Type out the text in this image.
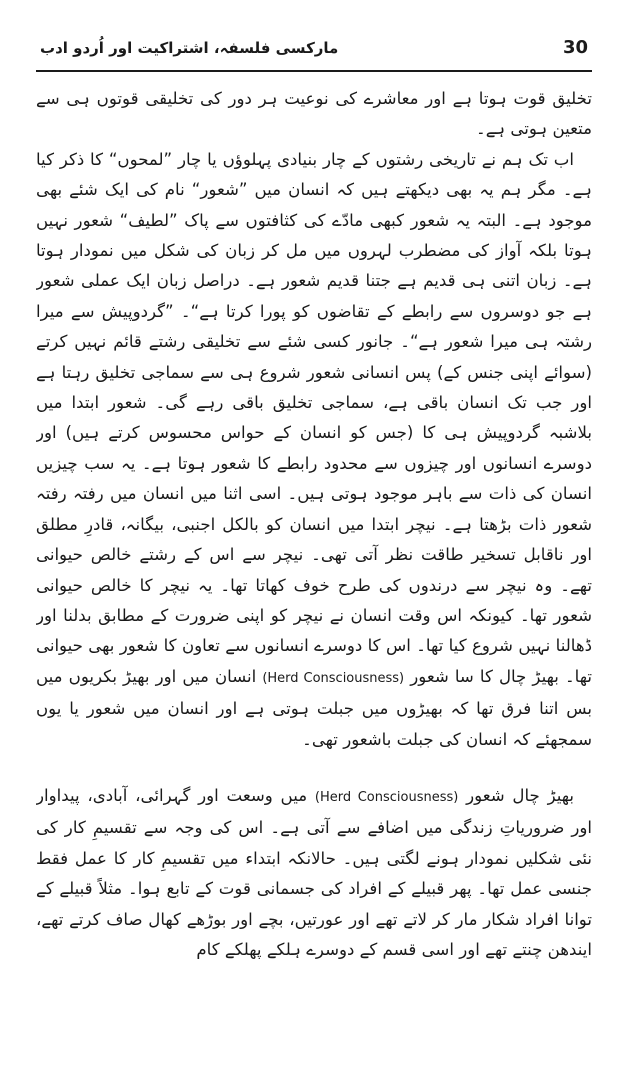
30
مارکسی فلسفہ، اشتراکیت اور اُردو ادب

تخلیق قوت ہوتا ہے اور معاشرے کی نوعیت ہر دور کی تخلیقی قوتوں ہی سے متعین ہوتی ہے۔

اب تک ہم نے تاریخی رشتوں کے چار بنیادی پہلوؤں یا چار ”لمحوں“ کا ذکر کیا ہے۔ مگر ہم یہ بھی دیکھتے ہیں کہ انسان میں ”شعور“ نام کی ایک شئے بھی موجود ہے۔ البتہ یہ شعور کبھی مادّے کی کثافتوں سے پاک ”لطیف“ شعور نہیں ہوتا بلکہ آواز کی مضطرب لہروں میں مل کر زبان کی شکل میں نمودار ہوتا ہے۔ زبان اتنی ہی قدیم ہے جتنا قدیم شعور ہے۔ دراصل زبان ایک عملی شعور ہے جو دوسروں سے رابطے کے تقاضوں کو پورا کرتا ہے“۔ ”گردوپیش سے میرا رشتہ ہی میرا شعور ہے“۔ جانور کسی شئے سے تخلیقی رشتے قائم نہیں کرتے (سوائے اپنی جنس کے) پس انسانی شعور شروع ہی سے سماجی تخلیق رہتا ہے اور جب تک انسان باقی ہے، سماجی تخلیق باقی رہے گی۔ شعور ابتدا میں بلاشبہ گردوپیش ہی کا (جس کو انسان کے حواس محسوس کرتے ہیں) اور دوسرے انسانوں اور چیزوں سے محدود رابطے کا شعور ہوتا ہے۔ یہ سب چیزیں انسان کی ذات سے باہر موجود ہوتی ہیں۔ اسی اثنا میں انسان میں رفتہ رفتہ شعور ذات بڑھتا ہے۔ نیچر ابتدا میں انسان کو بالکل اجنبی، بیگانہ، قادرِ مطلق اور ناقابل تسخیر طاقت نظر آتی تھی۔ نیچر سے اس کے رشتے خالص حیوانی تھے۔ وہ نیچر سے درندوں کی طرح خوف کھاتا تھا۔ یہ نیچر کا خالص حیوانی شعور تھا۔ کیونکہ اس وقت انسان نے نیچر کو اپنی ضرورت کے مطابق بدلنا اور ڈھالنا نہیں شروع کیا تھا۔ اس کا دوسرے انسانوں سے تعاون کا شعور بھی حیوانی تھا۔ بھیڑ چال کا سا شعور (Herd Consciousness) انسان میں اور بھیڑ بکریوں میں بس اتنا فرق تھا کہ بھیڑوں میں جبلت ہوتی ہے اور انسان میں شعور یا یوں سمجھئے کہ انسان کی جبلت باشعور تھی۔

بھیڑ چال شعور (Herd Consciousness) میں وسعت اور گہرائی، آبادی، پیداوار اور ضروریاتِ زندگی میں اضافے سے آتی ہے۔ اس کی وجہ سے تقسیمِ کار کی نئی شکلیں نمودار ہونے لگتی ہیں۔ حالانکہ ابتداء میں تقسیمِ کار کا عمل فقط جنسی عمل تھا۔ پھر قبیلے کے افراد کی جسمانی قوت کے تابع ہوا۔ مثلاً قبیلے کے توانا افراد شکار مار کر لاتے تھے اور عورتیں، بچے اور بوڑھے کھال صاف کرتے تھے، ایندھن چنتے تھے اور اسی قسم کے دوسرے ہلکے پھلکے کام
